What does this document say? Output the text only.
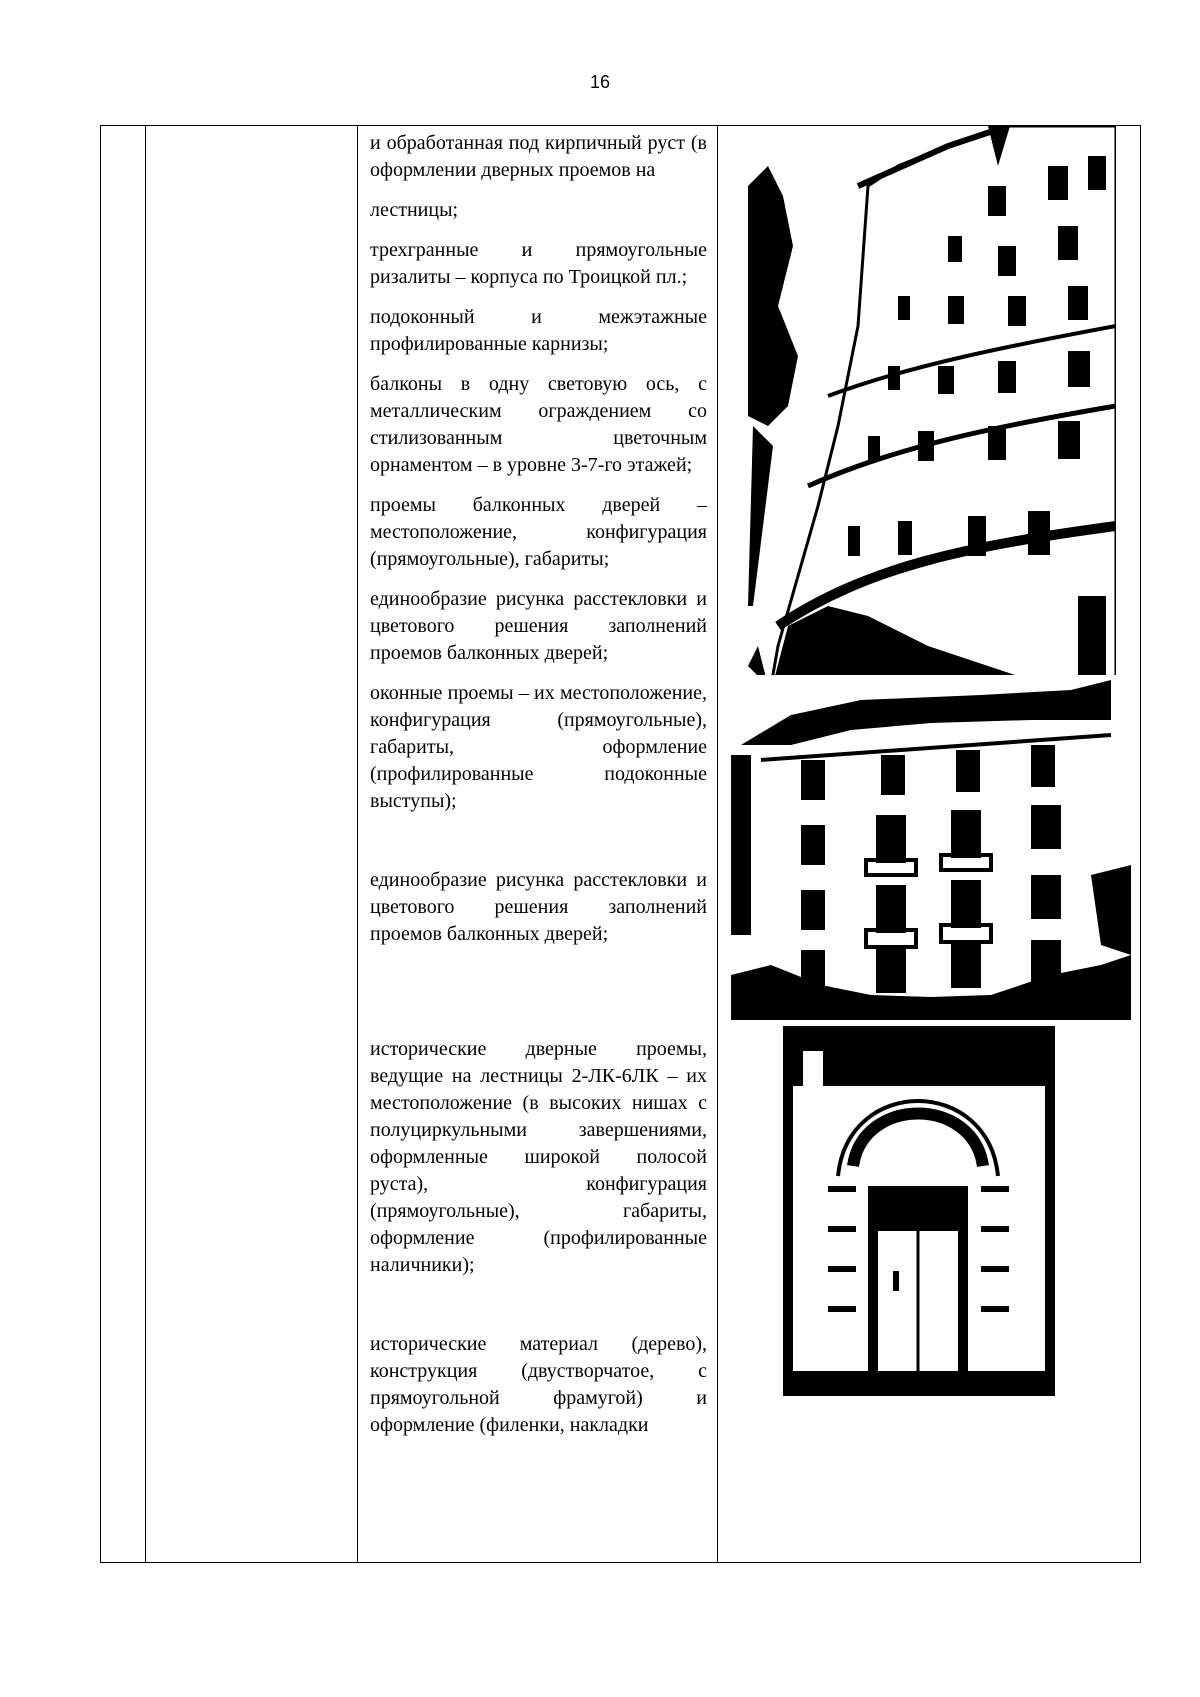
16

и обработанная под кирпичный руст (в оформлении дверных проемов на

лестницы;

трехгранные и прямоугольные ризалиты – корпуса по Троицкой пл.;

подоконный и межэтажные профилированные карнизы;

балконы в одну световую ось, с металлическим ограждением со стилизованным цветочным орнаментом – в уровне 3-7-го этажей;

проемы балконных дверей – местоположение, конфигурация (прямоугольные), габариты;

единообразие рисунка расстекловки и цветового решения заполнений проемов балконных дверей;

оконные проемы – их местоположение, конфигурация (прямоугольные), габариты, оформление (профилированные подоконные выступы);

единообразие рисунка расстекловки и цветового решения заполнений проемов балконных дверей;

исторические дверные проемы, ведущие на лестницы 2-ЛК-6ЛК – их местоположение (в высоких нишах с полуциркульными завершениями, оформленные широкой полосой руста), конфигурация (прямоугольные), габариты, оформление (профилированные наличники);

исторические материал (дерево), конструкция (двустворчатое, с прямоугольной фрамугой) и оформление (филенки, накладки
